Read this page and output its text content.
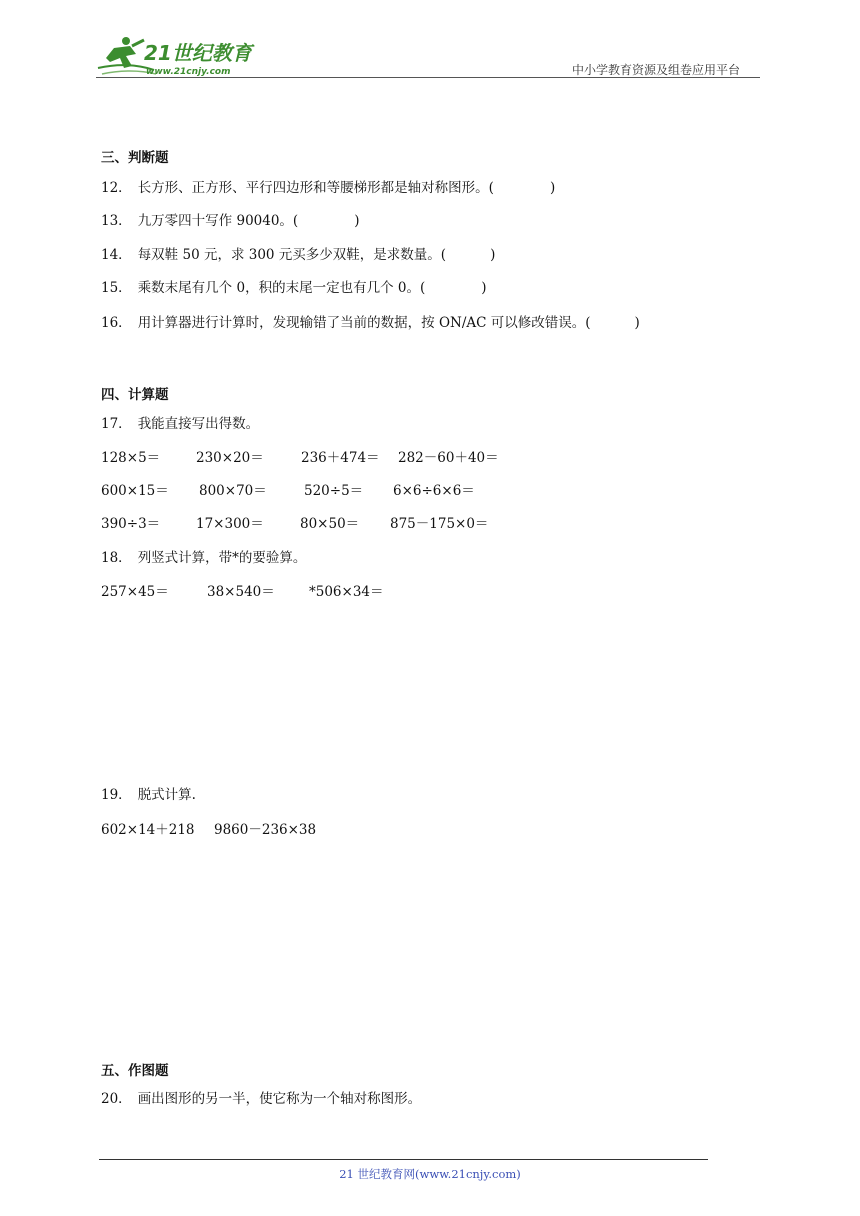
21世纪教育
www.21cnjy.com	中小学教育资源及组卷应用平台
三、判断题
12． 长方形、正方形、平行四边形和等腰梯形都是轴对称图形。(	)
13． 九万零四十写作 90040。(	)
14． 每双鞋 50 元，求 300 元买多少双鞋，是求数量。(	)
15． 乘数末尾有几个 0，积的末尾一定也有几个 0。(	)
16． 用计算器进行计算时，发现输错了当前的数据，按 ON/AC 可以修改错误。(	)
四、计算题
17． 我能直接写出得数。
128×5＝	230×20＝	236＋474＝ 282－60＋40＝
600×15＝ 800×70＝	520÷5＝ 6×6÷6×6＝
390÷3＝	17×300＝	80×50＝ 875－175×0＝
18． 列竖式计算，带*的要验算。
257×45＝	38×540＝	*506×34＝
19． 脱式计算.
602×14＋218 9860－236×38
五、作图题
20． 画出图形的另一半，使它称为一个轴对称图形。
21 世纪教育网(www.21cnjy.com)
